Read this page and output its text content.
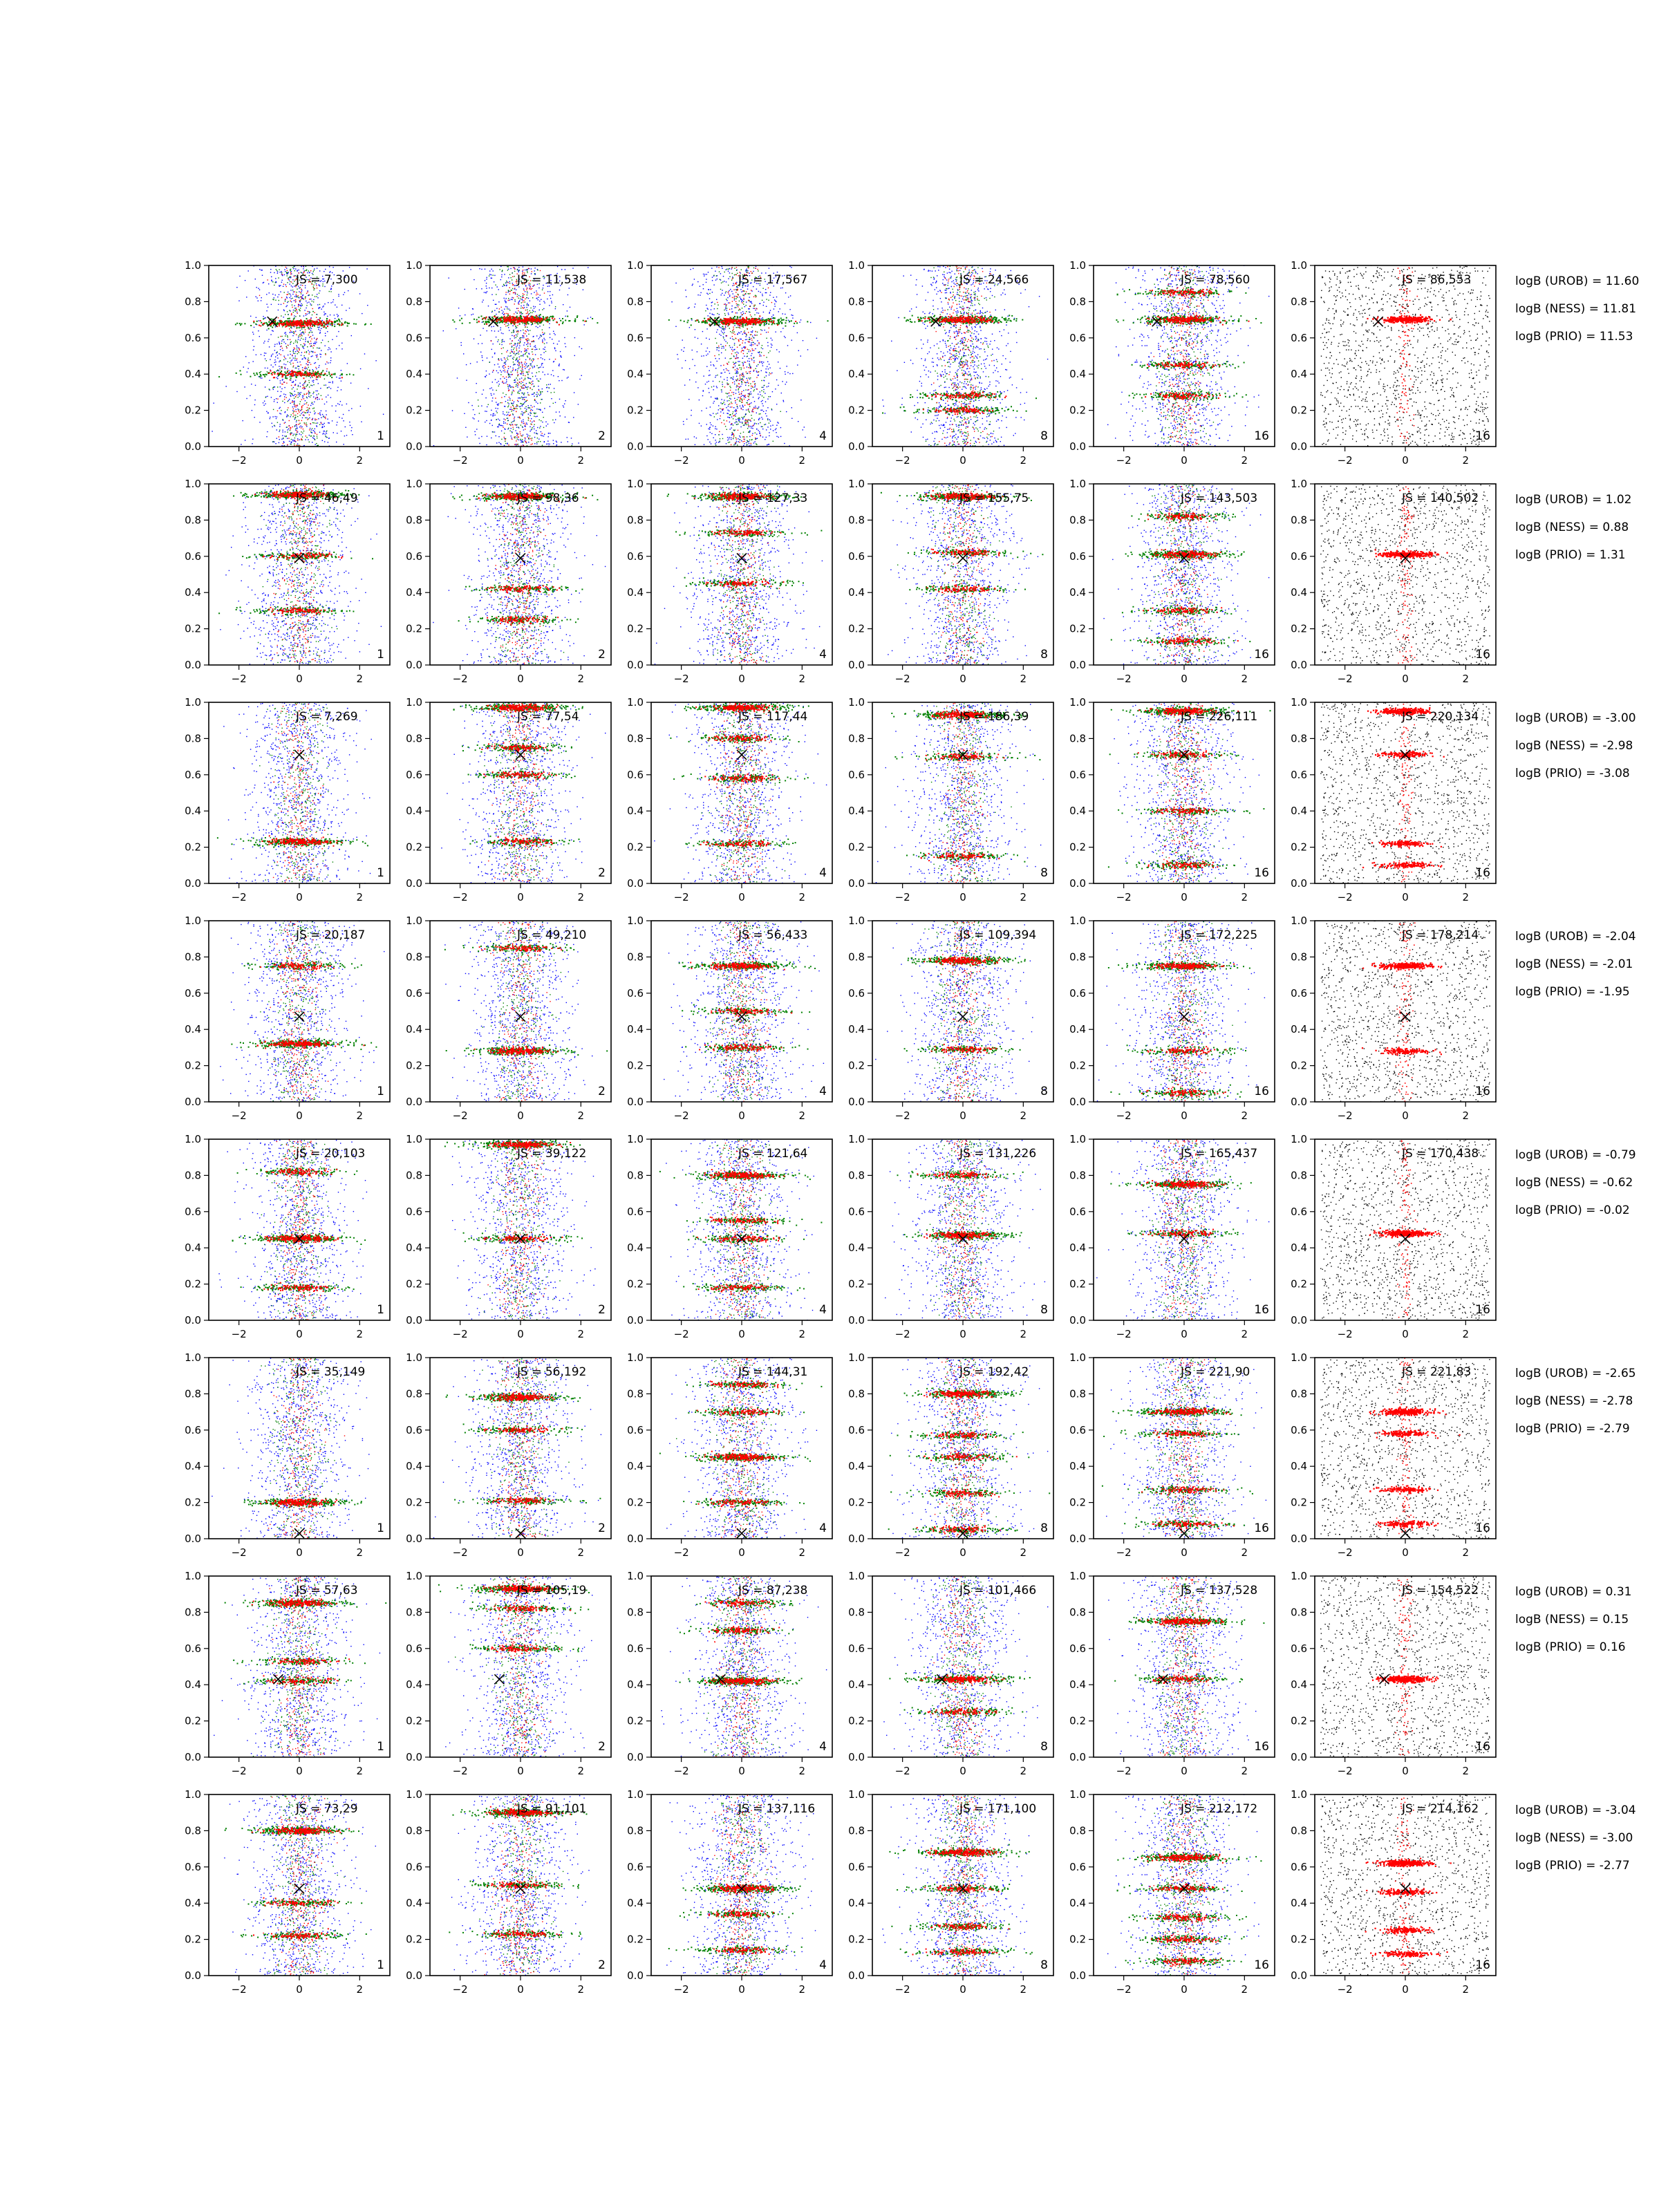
−2	0	2
0.0
0.2
0.4
0.6
0.8
1.0
JS = 7,300
1
−2	0	2
0.0
0.2
0.4
0.6
0.8
1.0
JS = 11,538
2
−2	0	2
0.0
0.2
0.4
0.6
0.8
1.0
JS = 17,567
4
−2	0	2
0.0
0.2
0.4
0.6
0.8
1.0
JS = 24,566
8
−2	0	2
0.0
0.2
0.4
0.6
0.8
1.0
JS = 78,560
16
−2	0	2
0.0
0.2
0.4
0.6
0.8
1.0
JS = 86,553
16
logB (UROB) = 11.60
logB (NESS) = 11.81
logB (PRIO) = 11.53
−2	0	2
0.0
0.2
0.4
0.6
0.8
1.0
JS = 46,49
1
−2	0	2
0.0
0.2
0.4
0.6
0.8
1.0
JS = 98,36
2
−2	0	2
0.0
0.2
0.4
0.6
0.8
1.0
JS = 127,33
4
−2	0	2
0.0
0.2
0.4
0.6
0.8
1.0
JS = 155,75
8
−2	0	2
0.0
0.2
0.4
0.6
0.8
1.0
JS = 143,503
16
−2	0	2
0.0
0.2
0.4
0.6
0.8
1.0
JS = 140,502
16
logB (UROB) = 1.02
logB (NESS) = 0.88
logB (PRIO) = 1.31
−2	0	2
0.0
0.2
0.4
0.6
0.8
1.0
JS = 7,269
1
−2	0	2
0.0
0.2
0.4
0.6
0.8
1.0
JS = 77,54
2
−2	0	2
0.0
0.2
0.4
0.6
0.8
1.0
JS = 117,44
4
−2	0	2
0.0
0.2
0.4
0.6
0.8
1.0
JS = 186,39
8
−2	0	2
0.0
0.2
0.4
0.6
0.8
1.0
JS = 226,111
16
−2	0	2
0.0
0.2
0.4
0.6
0.8
1.0
JS = 220,134
16
logB (UROB) = -3.00
logB (NESS) = -2.98
logB (PRIO) = -3.08
−2	0	2
0.0
0.2
0.4
0.6
0.8
1.0
JS = 20,187
1
−2	0	2
0.0
0.2
0.4
0.6
0.8
1.0
JS = 49,210
2
−2	0	2
0.0
0.2
0.4
0.6
0.8
1.0
JS = 56,433
4
−2	0	2
0.0
0.2
0.4
0.6
0.8
1.0
JS = 109,394
8
−2	0	2
0.0
0.2
0.4
0.6
0.8
1.0
JS = 172,225
16
−2	0	2
0.0
0.2
0.4
0.6
0.8
1.0
JS = 178,214
16
logB (UROB) = -2.04
logB (NESS) = -2.01
logB (PRIO) = -1.95
−2	0	2
0.0
0.2
0.4
0.6
0.8
1.0
JS = 20,103
1
−2	0	2
0.0
0.2
0.4
0.6
0.8
1.0
JS = 39,122
2
−2	0	2
0.0
0.2
0.4
0.6
0.8
1.0
JS = 121,64
4
−2	0	2
0.0
0.2
0.4
0.6
0.8
1.0
JS = 131,226
8
−2	0	2
0.0
0.2
0.4
0.6
0.8
1.0
JS = 165,437
16
−2	0	2
0.0
0.2
0.4
0.6
0.8
1.0
JS = 170,438
16
logB (UROB) = -0.79
logB (NESS) = -0.62
logB (PRIO) = -0.02
−2	0	2
0.0
0.2
0.4
0.6
0.8
1.0
JS = 35,149
1
−2	0	2
0.0
0.2
0.4
0.6
0.8
1.0
JS = 56,192
2
−2	0	2
0.0
0.2
0.4
0.6
0.8
1.0
JS = 144,31
4
−2	0	2
0.0
0.2
0.4
0.6
0.8
1.0
JS = 192,42
8
−2	0	2
0.0
0.2
0.4
0.6
0.8
1.0
JS = 221,90
16
−2	0	2
0.0
0.2
0.4
0.6
0.8
1.0
JS = 221,83
16
logB (UROB) = -2.65
logB (NESS) = -2.78
logB (PRIO) = -2.79
−2	0	2
0.0
0.2
0.4
0.6
0.8
1.0
JS = 57,63
1
−2	0	2
0.0
0.2
0.4
0.6
0.8
1.0
JS = 105,19
2
−2	0	2
0.0
0.2
0.4
0.6
0.8
1.0
JS = 87,238
4
−2	0	2
0.0
0.2
0.4
0.6
0.8
1.0
JS = 101,466
8
−2	0	2
0.0
0.2
0.4
0.6
0.8
1.0
JS = 137,528
16
−2	0	2
0.0
0.2
0.4
0.6
0.8
1.0
JS = 154,522
16
logB (UROB) = 0.31
logB (NESS) = 0.15
logB (PRIO) = 0.16
−2	0	2
0.0
0.2
0.4
0.6
0.8
1.0
JS = 73,29
1
−2	0	2
0.0
0.2
0.4
0.6
0.8
1.0
JS = 91,101
2
−2	0	2
0.0
0.2
0.4
0.6
0.8
1.0
JS = 137,116
4
−2	0	2
0.0
0.2
0.4
0.6
0.8
1.0
JS = 171,100
8
−2	0	2
0.0
0.2
0.4
0.6
0.8
1.0
JS = 212,172
16
−2	0	2
0.0
0.2
0.4
0.6
0.8
1.0
JS = 214,162
16
logB (UROB) = -3.04
logB (NESS) = -3.00
logB (PRIO) = -2.77
